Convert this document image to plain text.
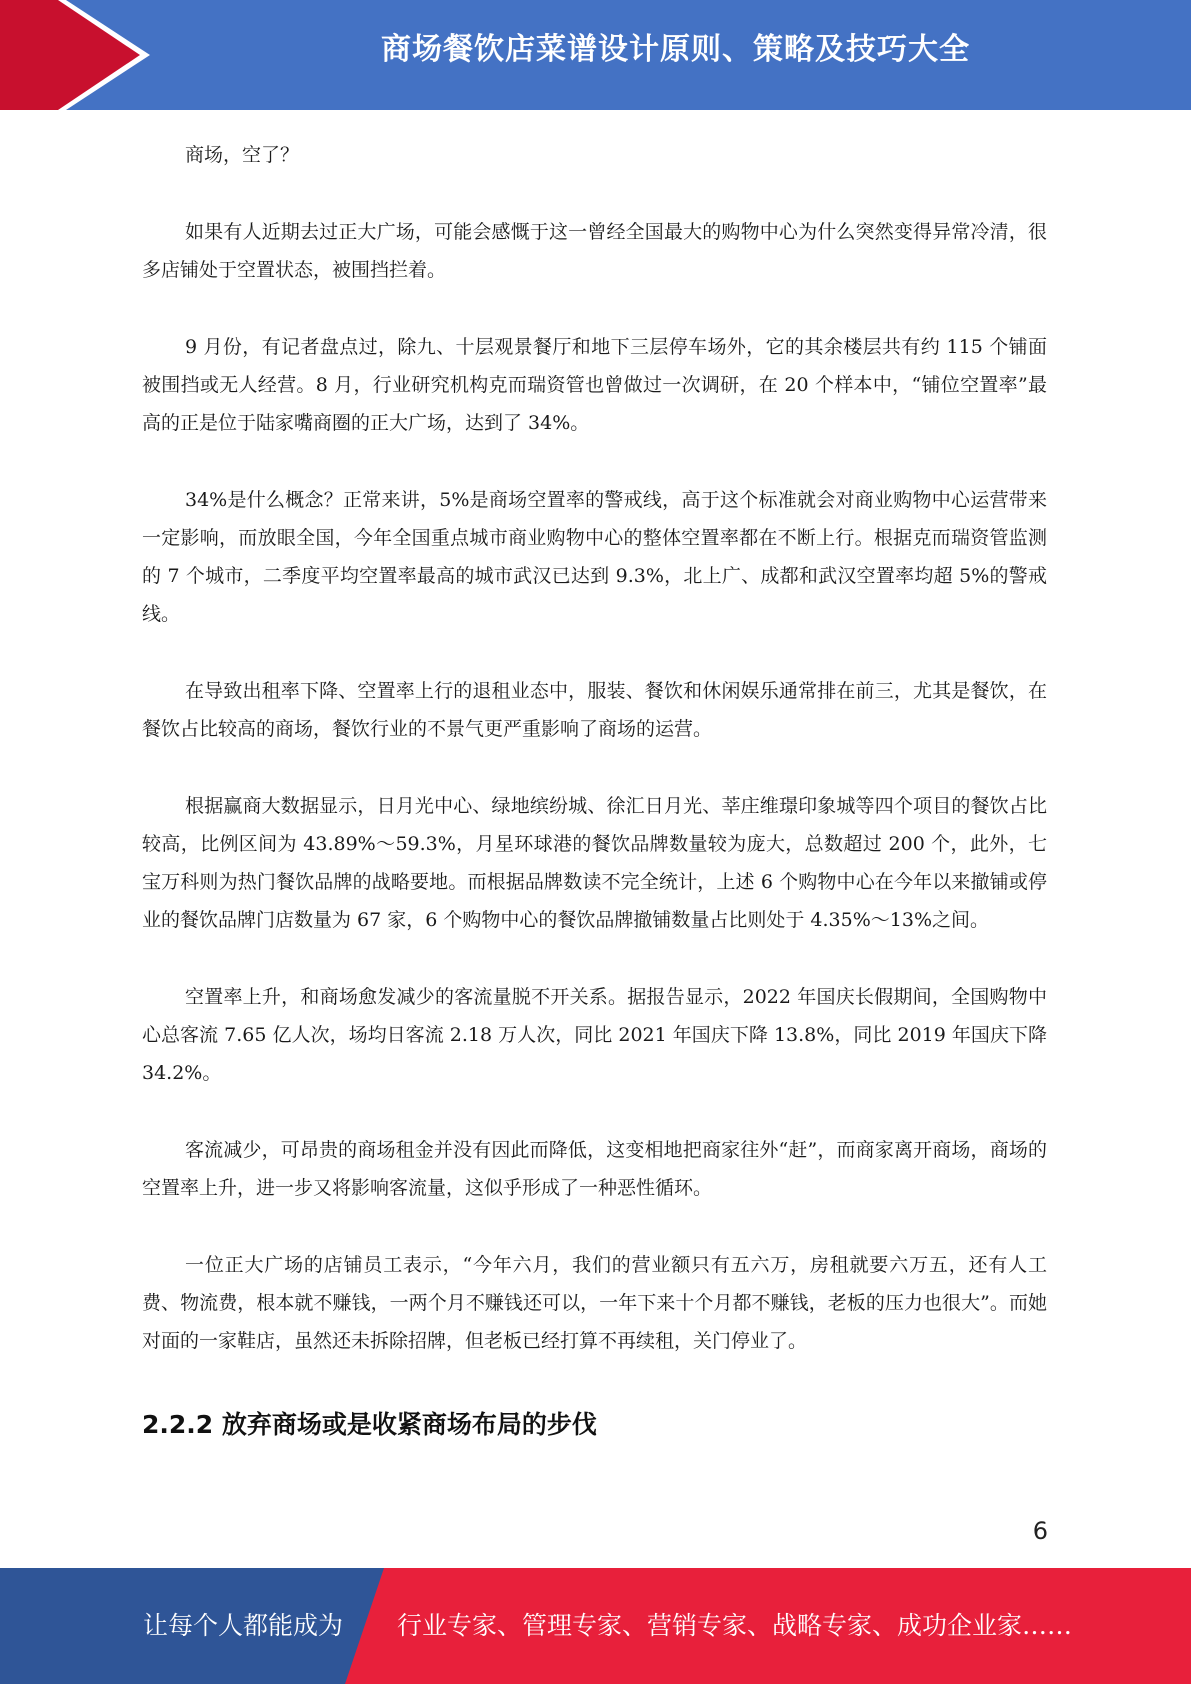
商场餐饮店菜谱设计原则、策略及技巧大全

商场，空了？

如果有人近期去过正大广场，可能会感慨于这一曾经全国最大的购物中心为什么突然变得异常冷清，很多店铺处于空置状态，被围挡拦着。

9 月份，有记者盘点过，除九、十层观景餐厅和地下三层停车场外，它的其余楼层共有约 115 个铺面被围挡或无人经营。8 月，行业研究机构克而瑞资管也曾做过一次调研，在 20 个样本中，“铺位空置率”最高的正是位于陆家嘴商圈的正大广场，达到了 34%。

34%是什么概念？正常来讲，5%是商场空置率的警戒线，高于这个标准就会对商业购物中心运营带来一定影响，而放眼全国，今年全国重点城市商业购物中心的整体空置率都在不断上行。根据克而瑞资管监测的 7 个城市，二季度平均空置率最高的城市武汉已达到 9.3%，北上广、成都和武汉空置率均超 5%的警戒线。

在导致出租率下降、空置率上行的退租业态中，服装、餐饮和休闲娱乐通常排在前三，尤其是餐饮，在餐饮占比较高的商场，餐饮行业的不景气更严重影响了商场的运营。

根据赢商大数据显示，日月光中心、绿地缤纷城、徐汇日月光、莘庄维璟印象城等四个项目的餐饮占比较高，比例区间为 43.89%～59.3%，月星环球港的餐饮品牌数量较为庞大，总数超过 200 个，此外，七宝万科则为热门餐饮品牌的战略要地。而根据品牌数读不完全统计，上述 6 个购物中心在今年以来撤铺或停业的餐饮品牌门店数量为 67 家，6 个购物中心的餐饮品牌撤铺数量占比则处于 4.35%～13%之间。

空置率上升，和商场愈发减少的客流量脱不开关系。据报告显示，2022 年国庆长假期间，全国购物中心总客流 7.65 亿人次，场均日客流 2.18 万人次，同比 2021 年国庆下降 13.8%，同比 2019 年国庆下降 34.2%。

客流减少，可昂贵的商场租金并没有因此而降低，这变相地把商家往外“赶”，而商家离开商场，商场的空置率上升，进一步又将影响客流量，这似乎形成了一种恶性循环。

一位正大广场的店铺员工表示，“今年六月，我们的营业额只有五六万，房租就要六万五，还有人工费、物流费，根本就不赚钱，一两个月不赚钱还可以，一年下来十个月都不赚钱，老板的压力也很大”。而她对面的一家鞋店，虽然还未拆除招牌，但老板已经打算不再续租，关门停业了。

2.2.2 放弃商场或是收紧商场布局的步伐
6
让每个人都能成为 行业专家、管理专家、营销专家、战略专家、成功企业家……
